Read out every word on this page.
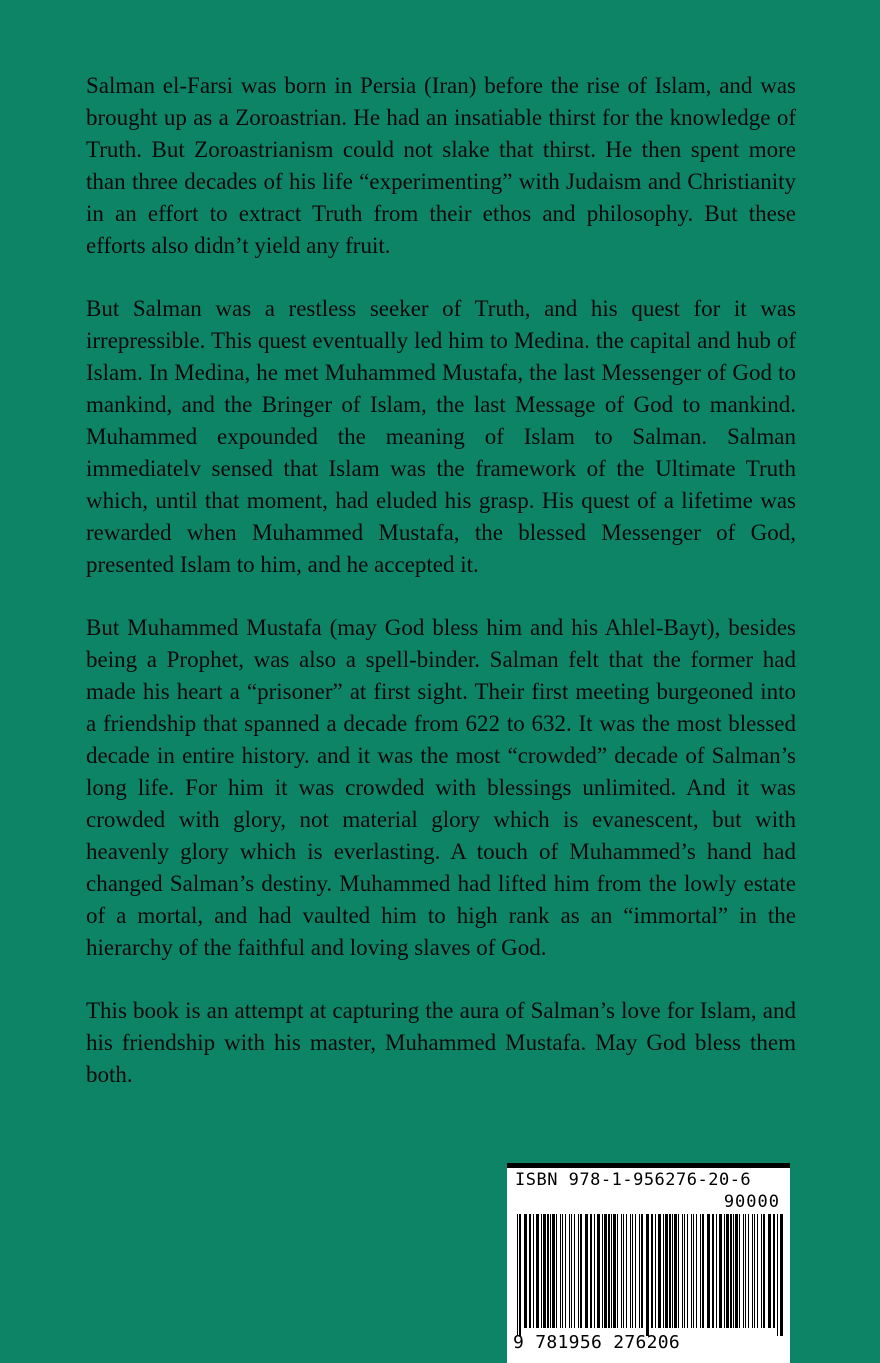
Salman el-Farsi was born in Persia (Iran) before the rise of Islam, and was brought up as a Zoroastrian. He had an insatiable thirst for the knowledge of Truth. But Zoroastrianism could not slake that thirst. He then spent more than three decades of his life “experimenting” with Judaism and Christianity in an effort to extract Truth from their ethos and philosophy. But these efforts also didn’t yield any fruit.

But Salman was a restless seeker of Truth, and his quest for it was irrepressible. This quest eventually led him to Medina. the capital and hub of Islam. In Medina, he met Muhammed Mustafa, the last Messenger of God to mankind, and the Bringer of Islam, the last Message of God to mankind. Muhammed expounded the meaning of Islam to Salman. Salman immediatelv sensed that Islam was the framework of the Ultimate Truth which, until that moment, had eluded his grasp. His quest of a lifetime was rewarded when Muhammed Mustafa, the blessed Messenger of God, presented Islam to him, and he accepted it.

But Muhammed Mustafa (may God bless him and his Ahlel-Bayt), besides being a Prophet, was also a spell-binder. Salman felt that the former had made his heart a “prisoner” at first sight. Their first meeting burgeoned into a friendship that spanned a decade from 622 to 632. It was the most blessed decade in entire history. and it was the most “crowded” decade of Salman’s long life. For him it was crowded with blessings unlimited. And it was crowded with glory, not material glory which is evanescent, but with heavenly glory which is everlasting. A touch of Muhammed’s hand had changed Salman’s destiny. Muhammed had lifted him from the lowly estate of a mortal, and had vaulted him to high rank as an “immortal” in the hierarchy of the faithful and loving slaves of God.

This book is an attempt at capturing the aura of Salman’s love for Islam, and his friendship with his master, Muhammed Mustafa. May God bless them both.

ISBN 978-1-956276-20-6
90000
9 781956 276206
